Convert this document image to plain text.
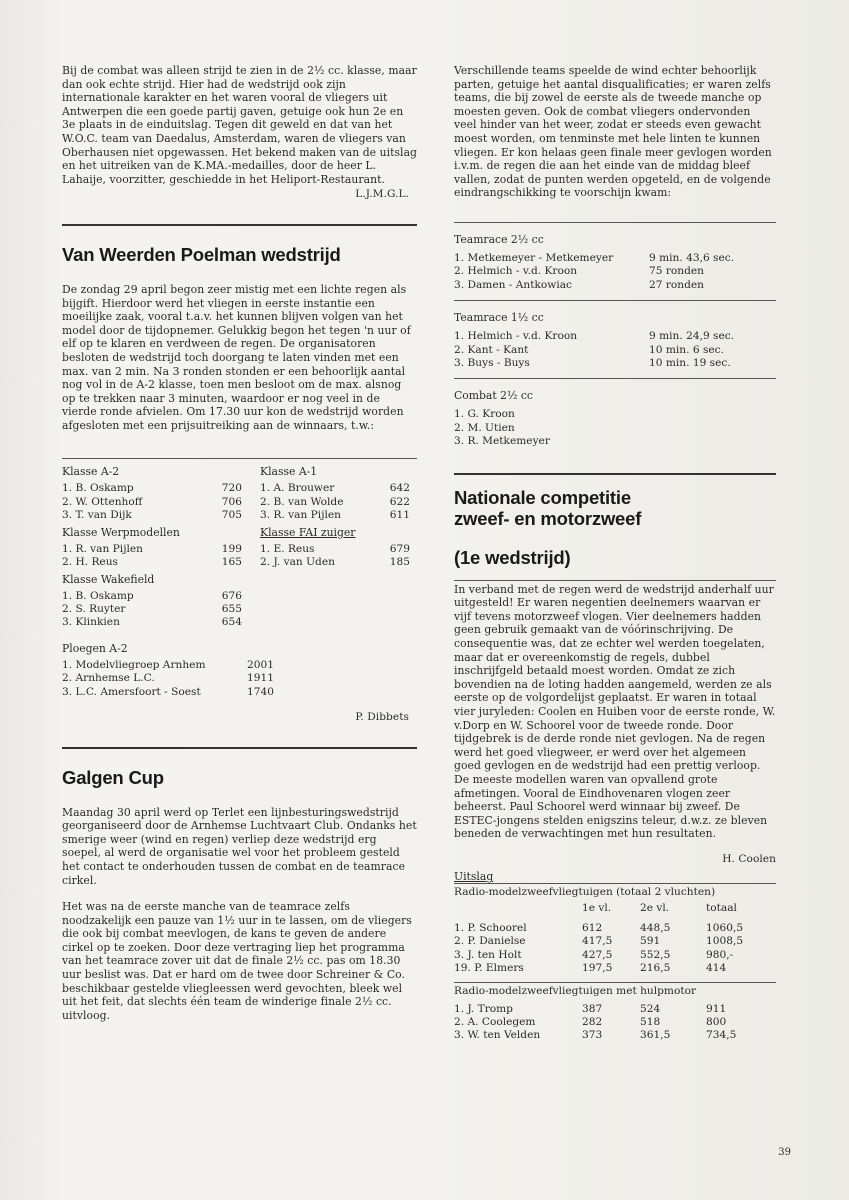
Bij de combat was alleen strijd te zien in de 2½ cc. klasse, maar dan ook echte strijd. Hier had de wedstrijd ook zijn internationale karakter en het waren vooral de vliegers uit Antwerpen die een goede partij gaven, getuige ook hun 2e en 3e plaats in de einduitslag. Tegen dit geweld en dat van het W.O.C. team van Daedalus, Amsterdam, waren de vliegers van Oberhausen niet opgewassen. Het bekend maken van de uitslag en het uitreiken van de K.MA.-medailles, door de heer L. Lahaije, voorzitter, geschiedde in het Heliport-Restaurant.

L.J.M.G.L.

Van Weerden Poelman wedstrijd

De zondag 29 april begon zeer mistig met een lichte regen als bijgift. Hierdoor werd het vliegen in eerste instantie een moeilijke zaak, vooral t.a.v. het kunnen blijven volgen van het model door de tijdopnemer. Gelukkig begon het tegen 'n uur of elf op te klaren en verdween de regen. De organisatoren besloten de wedstrijd toch doorgang te laten vinden met een max. van 2 min. Na 3 ronden stonden er een behoorlijk aantal nog vol in de A-2 klasse, toen men besloot om de max. alsnog op te trekken naar 3 minuten, waardoor er nog veel in de vierde ronde afvielen. Om 17.30 uur kon de wedstrijd worden afgesloten met een prijsuitreiking aan de winnaars, t.w.:

Klasse A-2
1. B. Oskamp	720
2. W. Ottenhoff	706
3. T. van Dijk	705
Klasse Werpmodellen
1. R. van Pijlen	199
2. H. Reus	165
Klasse Wakefield
1. B. Oskamp	676
2. S. Ruyter	655
3. Klinkien	654
Klasse A-1
1. A. Brouwer	642
2. B. van Wolde	622
3. R. van Pijlen	611
Klasse FAI zuiger
1. E. Reus	679
2. J. van Uden	185
Ploegen A-2
1. Modelvliegroep Arnhem	2001
2. Arnhemse L.C.	1911
3. L.C. Amersfoort - Soest	1740

P. Dibbets

Galgen Cup

Maandag 30 april werd op Terlet een lijnbesturingswedstrijd georganiseerd door de Arnhemse Luchtvaart Club. Ondanks het smerige weer (wind en regen) verliep deze wedstrijd erg soepel, al werd de organisatie wel voor het probleem gesteld het contact te onderhouden tussen de combat en de teamrace cirkel.

Het was na de eerste manche van de teamrace zelfs noodzakelijk een pauze van 1½ uur in te lassen, om de vliegers die ook bij combat meevlogen, de kans te geven de andere cirkel op te zoeken. Door deze vertraging liep het programma van het teamrace zover uit dat de finale 2½ cc. pas om 18.30 uur beslist was. Dat er hard om de twee door Schreiner & Co. beschikbaar gestelde vliegleessen werd gevochten, bleek wel uit het feit, dat slechts één team de winderige finale 2½ cc. uitvloog.

Verschillende teams speelde de wind echter behoorlijk parten, getuige het aantal disqualificaties; er waren zelfs teams, die bij zowel de eerste als de tweede manche op moesten geven. Ook de combat vliegers ondervonden veel hinder van het weer, zodat er steeds even gewacht moest worden, om tenminste met hele linten te kunnen vliegen. Er kon helaas geen finale meer gevlogen worden i.v.m. de regen die aan het einde van de middag bleef vallen, zodat de punten werden opgeteld, en de volgende eindrangschikking te voorschijn kwam:

Teamrace 2½ cc
1. Metkemeyer - Metkemeyer	9 min. 43,6 sec.
2. Helmich - v.d. Kroon	75 ronden
3. Damen - Antkowiac	27 ronden
Teamrace 1½ cc
1. Helmich - v.d. Kroon	9 min. 24,9 sec.
2. Kant - Kant	10 min. 6 sec.
3. Buys - Buys	10 min. 19 sec.
Combat 2½ cc
1. G. Kroon
2. M. Utien
3. R. Metkemeyer
Nationale competitie
zweef- en motorzweef
(1e wedstrijd)

In verband met de regen werd de wedstrijd anderhalf uur uitgesteld! Er waren negentien deelnemers waarvan er vijf tevens motorzweef vlogen. Vier deelnemers hadden geen gebruik gemaakt van de vóórinschrijving. De consequentie was, dat ze echter wel werden toegelaten, maar dat er overeenkomstig de regels, dubbel inschrijfgeld betaald moest worden. Omdat ze zich bovendien na de loting hadden aangemeld, werden ze als eerste op de volgordelijst geplaatst. Er waren in totaal vier juryleden: Coolen en Huiben voor de eerste ronde, W. v.Dorp en W. Schoorel voor de tweede ronde. Door tijdgebrek is de derde ronde niet gevlogen. Na de regen werd het goed vliegweer, er werd over het algemeen goed gevlogen en de wedstrijd had een prettig verloop. De meeste modellen waren van opvallend grote afmetingen. Vooral de Eindhovenaren vlogen zeer beheerst. Paul Schoorel werd winnaar bij zweef. De ESTEC-jongens stelden enigszins teleur, d.w.z. ze bleven beneden de verwachtingen met hun resultaten.

H. Coolen

Uitslag
Radio-modelzweefvliegtuigen (totaal 2 vluchten)
	1e vl.	2e vl.	totaal

1. P. Schoorel	612	448,5	1060,5
2. P. Danielse	417,5	591	1008,5
3. J. ten Holt	427,5	552,5	980,-
19. P. Elmers	197,5	216,5	414
Radio-modelzweefvliegtuigen met hulpmotor
1. J. Tromp	387	524	911
2. A. Coolegem	282	518	800
3. W. ten Velden	373	361,5	734,5
39
